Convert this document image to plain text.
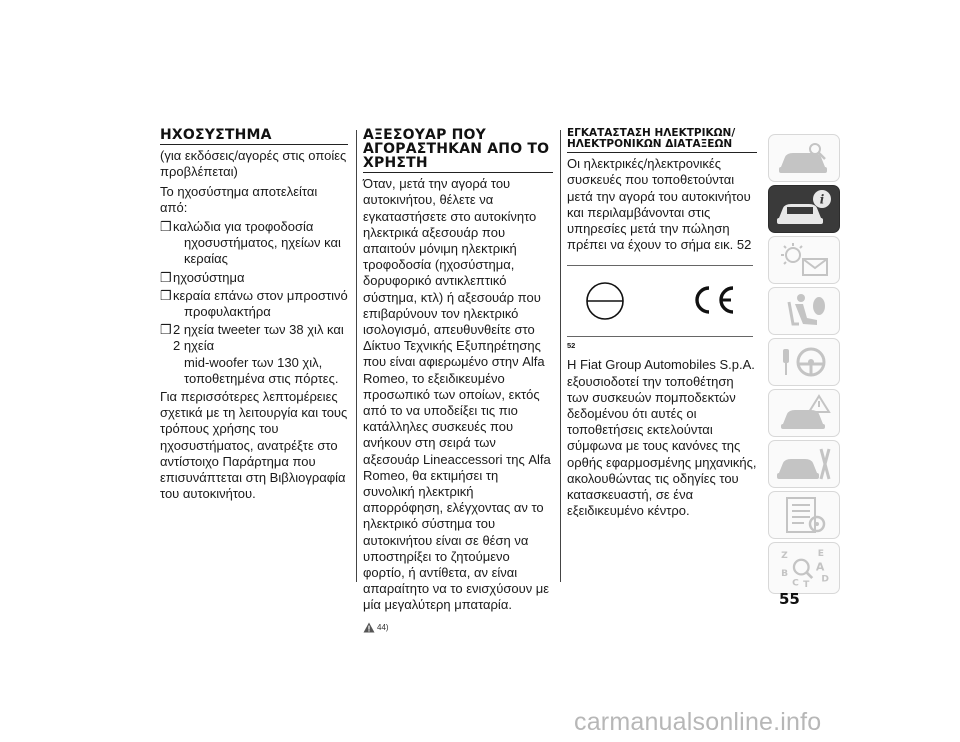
ΗΧΟΣΥΣΤΗΜΑ

(για εκδόσεις/αγορές στις οποίες προβλέπεται)

Το ηχοσύστημα αποτελείται από:

❒ καλώδια για τροφοδοσία
ηχοσυστήματος, ηχείων και κεραίας
❒ ηχοσύστημα
❒ κεραία επάνω στον μπροστινό
προφυλακτήρα
❒ 2 ηχεία tweeter των 38 χιλ και 2 ηχεία
mid-woofer των 130 χιλ, τοποθετημένα στις πόρτες.

Για περισσότερες λεπτομέρειες σχετικά με τη λειτουργία και τους τρόπους χρήσης του ηχοσυστήματος, ανατρέξτε στο αντίστοιχο Παράρτημα που επισυνάπτεται στη Βιβλιογραφία του αυτοκινήτου.

ΑΞΕΣΟΥΑΡ ΠΟΥ ΑΓΟΡΑΣΤΗΚΑΝ ΑΠΟ ΤΟ ΧΡΗΣΤΗ

Όταν, μετά την αγορά του αυτοκινήτου, θέλετε να εγκαταστήσετε στο αυτοκίνητο ηλεκτρικά αξεσουάρ που απαιτούν μόνιμη ηλεκτρική τροφοδοσία (ηχοσύστημα, δορυφορικό αντικλεπτικό σύστημα, κτλ) ή αξεσουάρ που επιβαρύνουν τον ηλεκτρικό ισολογισμό, απευθυνθείτε στο Δίκτυο Τεχνικής Εξυπηρέτησης που είναι αφιερωμένο στην Alfa Romeo, το εξειδικευμένο προσωπικό των οποίων, εκτός από το να υποδείξει τις πιο κατάλληλες συσκευές που ανήκουν στη σειρά των αξεσουάρ Lineaccessori της Alfa Romeo, θα εκτιμήσει τη συνολική ηλεκτρική απορρόφηση, ελέγχοντας αν το ηλεκτρικό σύστημα του αυτοκινήτου είναι σε θέση να υποστηρίξει το ζητούμενο φορτίο, ή αντίθετα, αν είναι απαραίτητο να το ενισχύσουν με μία μεγαλύτερη μπαταρία.

44)
ΕΓΚΑΤΑΣΤΑΣΗ ΗΛΕΚΤΡΙΚΩΝ/ΗΛΕΚΤΡΟΝΙΚΩΝ ΔΙΑΤΑΞΕΩΝ

Οι ηλεκτρικές/ηλεκτρονικές συσκευές που τοποθετούνται μετά την αγορά του αυτοκινήτου και περιλαμβάνονται στις υπηρεσίες μετά την πώληση πρέπει να έχουν το σήμα εικ. 52

52

Η Fiat Group Automobiles S.p.A. εξουσιοδοτεί την τοποθέτηση των συσκευών πομποδεκτών δεδομένου ότι αυτές οι τοποθετήσεις εκτελούνται σύμφωνα με τους κανόνες της ορθής εφαρμοσμένης μηχανικής, ακολουθώντας τις οδηγίες του κατασκευαστή, σε ένα εξειδικευμένο κέντρο.

i
Z	E
B
A
C T
D
55
carmanualsonline.info
